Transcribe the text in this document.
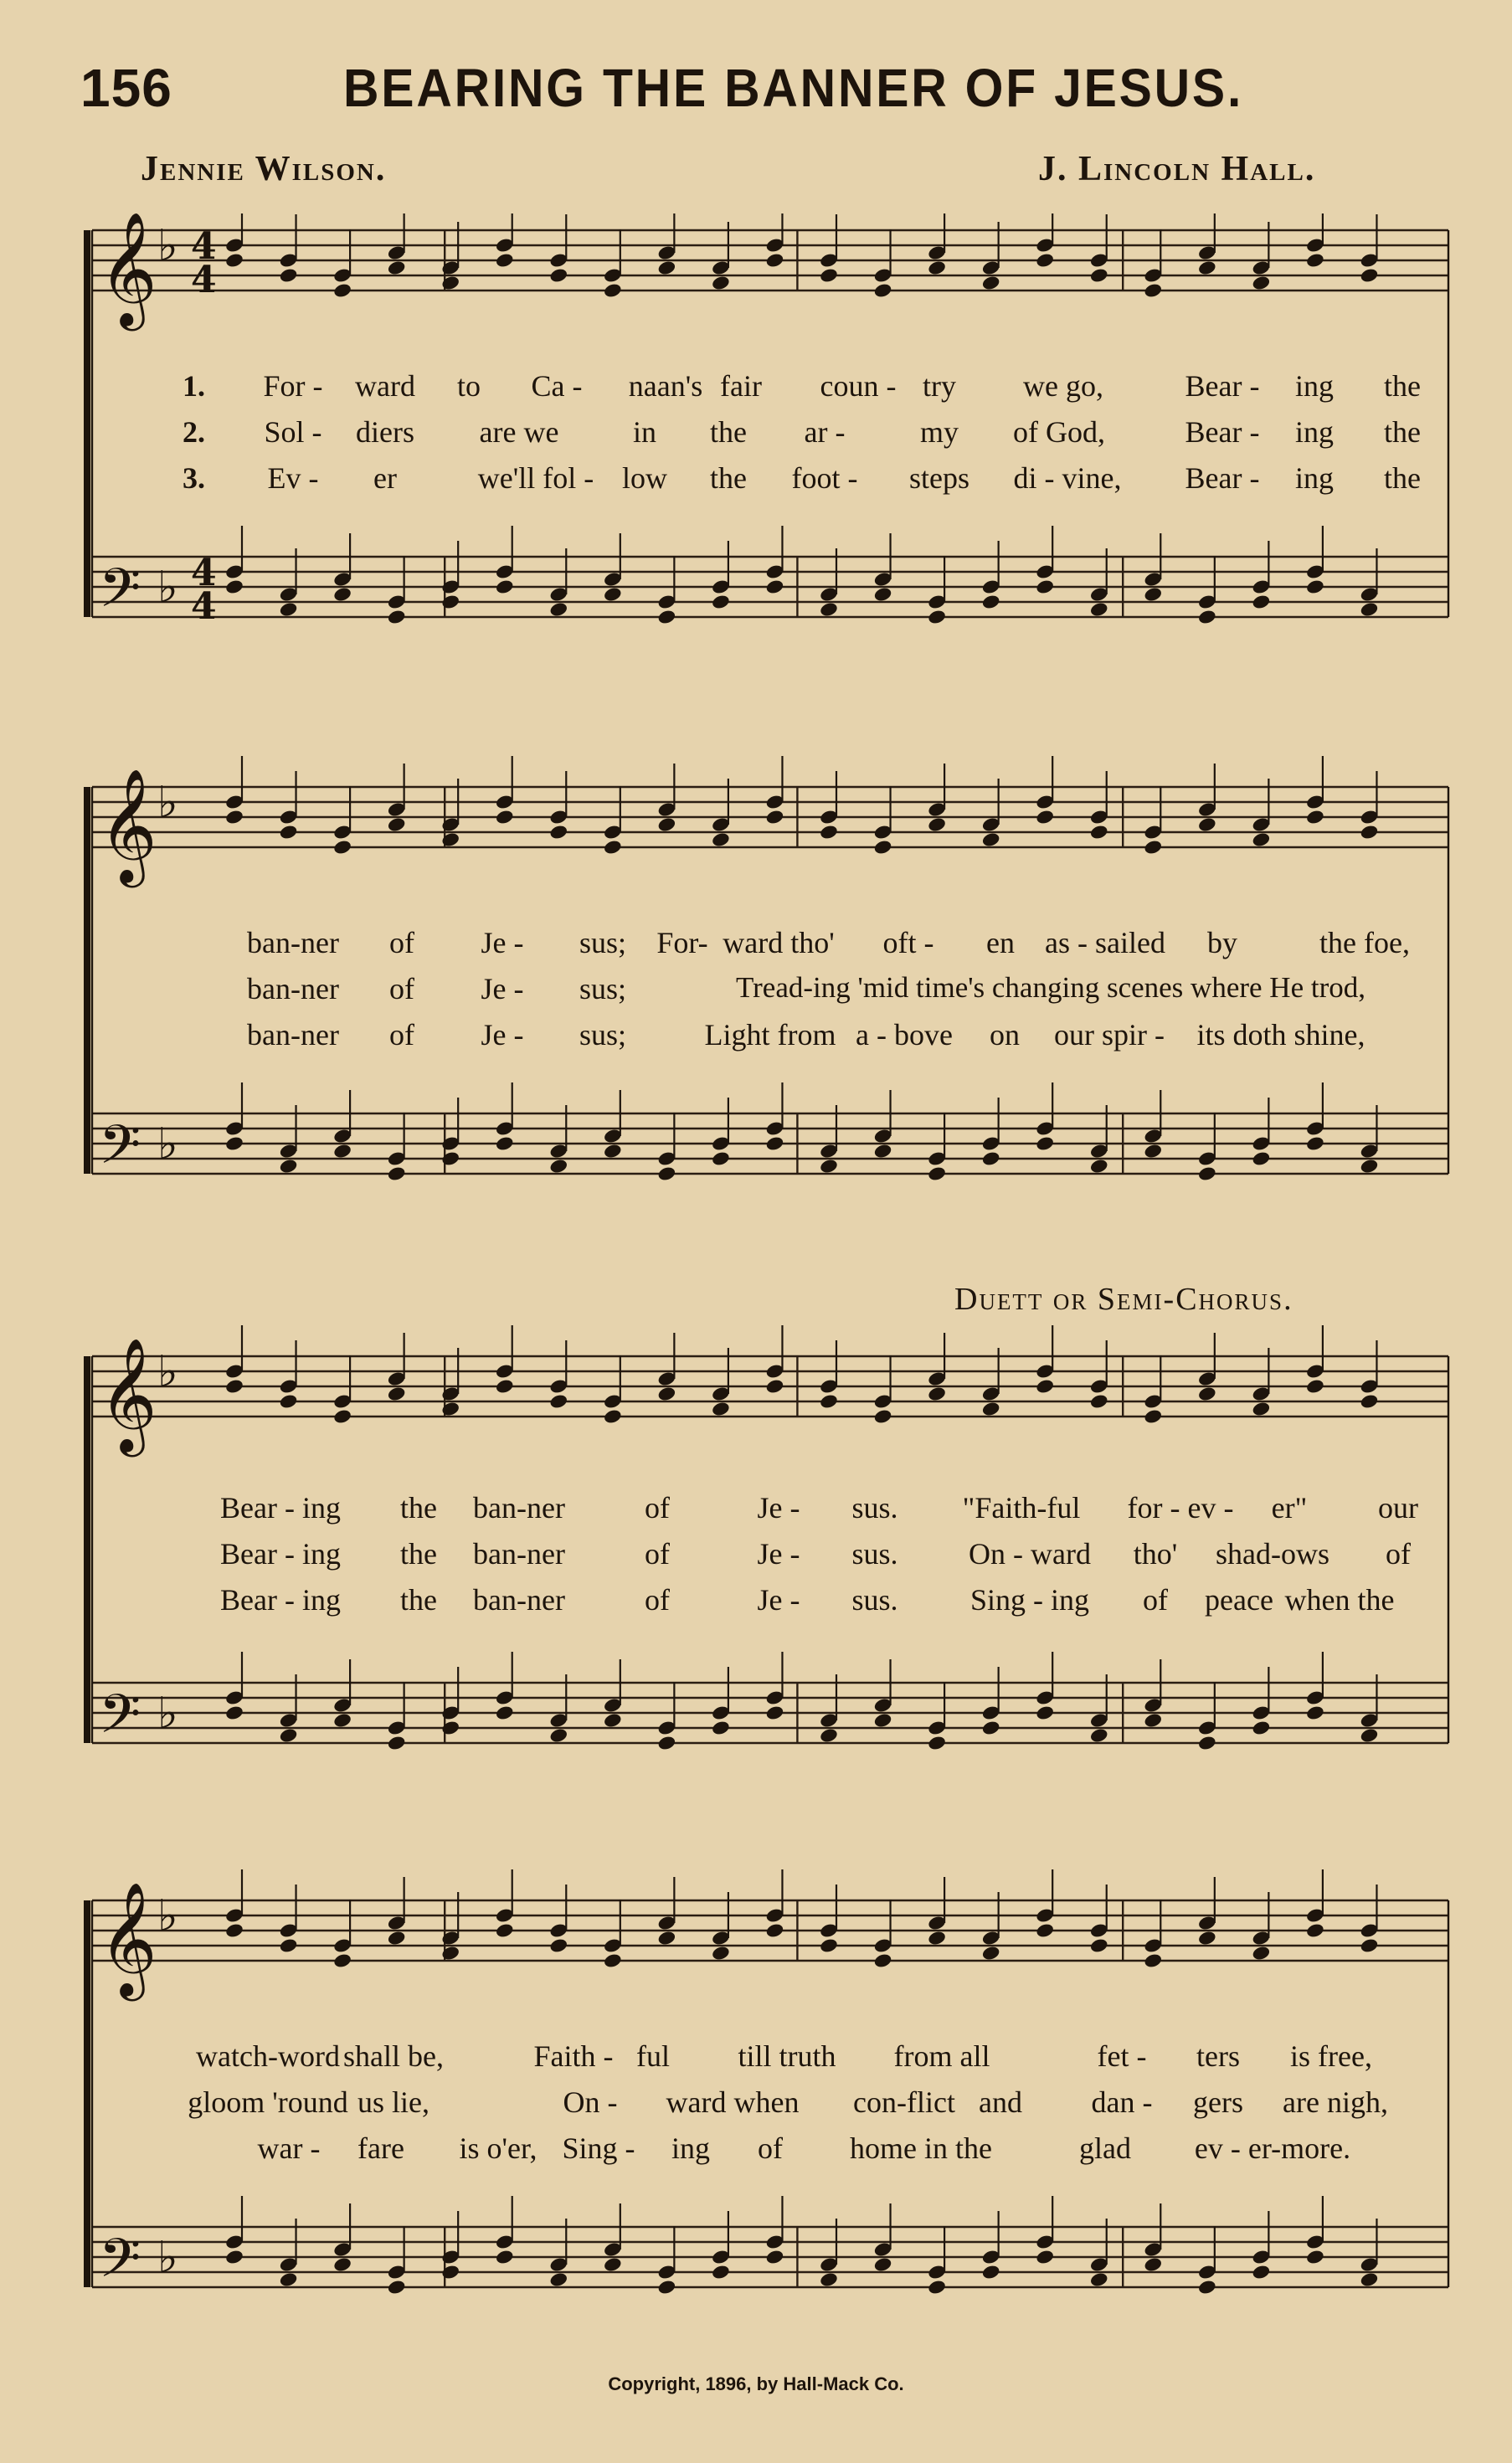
156	BEARING THE BANNER OF JESUS.
Jennie Wilson.	J. Lincoln Hall.
Duett or Semi-Chorus.
𝄞 ♭
𝄢 ♭
4
4
4
4
1. For - ward to Ca - naan's fair coun - try we go,	Bear - ing the
2. Sol - diers are we in the ar - my of God,	Bear - ing the
3. Ev - er	we'll fol - low the foot - steps di - vine, Bear - ing the
𝄞 ♭
𝄢 ♭
ban-ner of Je - sus; For- ward tho' oft - en as - sailed by	the foe,
ban-ner of Je - sus;	Tread-ing 'mid time's changing scenes where He trod,
ban-ner of Je - sus;	Light from a - bove on our spir - its doth shine,
𝄞 ♭
𝄢 ♭
Bear - ing the ban-ner	of	Je - sus. "Faith-ful for - ev - er" our
Bear - ing the ban-ner	of	Je - sus. On - ward tho' shad-ows of
Bear - ing the ban-ner	of	Je - sus. Sing - ing of peace when the
𝄞 ♭
𝄢 ♭
watch-word shall be,	Faith - ful till truth from all	fet - ters is free,
gloom 'round us lie,	On - ward when con-flict and dan - gers are nigh,
war - fare is o'er, Sing - ing of home in the	glad ev - er-more.
Copyright, 1896, by Hall-Mack Co.
